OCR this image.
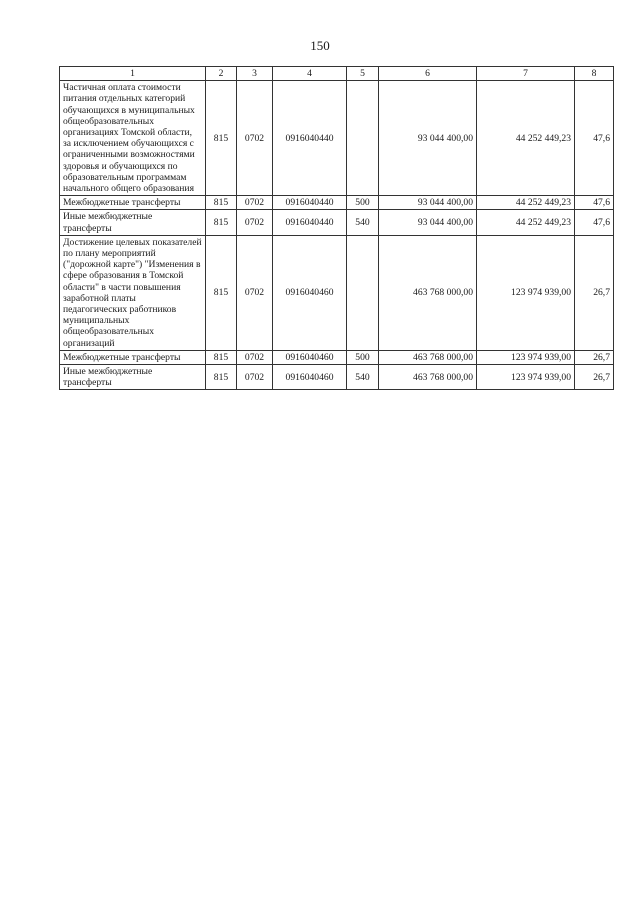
150
1	2	3	4	5	6	7	8
Частичная оплата стоимости питания отдельных категорий обучающихся в муниципальных общеобразовательных организациях Томской области, за исключением обучающихся с ограниченными возможностями здоровья и обучающихся по образовательным программам начального общего образования	815	0702	0916040440		93 044 400,00	44 252 449,23	47,6
Межбюджетные трансферты	815	0702	0916040440	500	93 044 400,00	44 252 449,23	47,6
Иные межбюджетные трансферты	815	0702	0916040440	540	93 044 400,00	44 252 449,23	47,6
Достижение целевых показателей по плану мероприятий ("дорожной карте") "Изменения в сфере образования в Томской области" в части повышения заработной платы педагогических работников муниципальных общеобразовательных организаций	815	0702	0916040460		463 768 000,00	123 974 939,00	26,7
Межбюджетные трансферты	815	0702	0916040460	500	463 768 000,00	123 974 939,00	26,7
Иные межбюджетные трансферты	815	0702	0916040460	540	463 768 000,00	123 974 939,00	26,7
